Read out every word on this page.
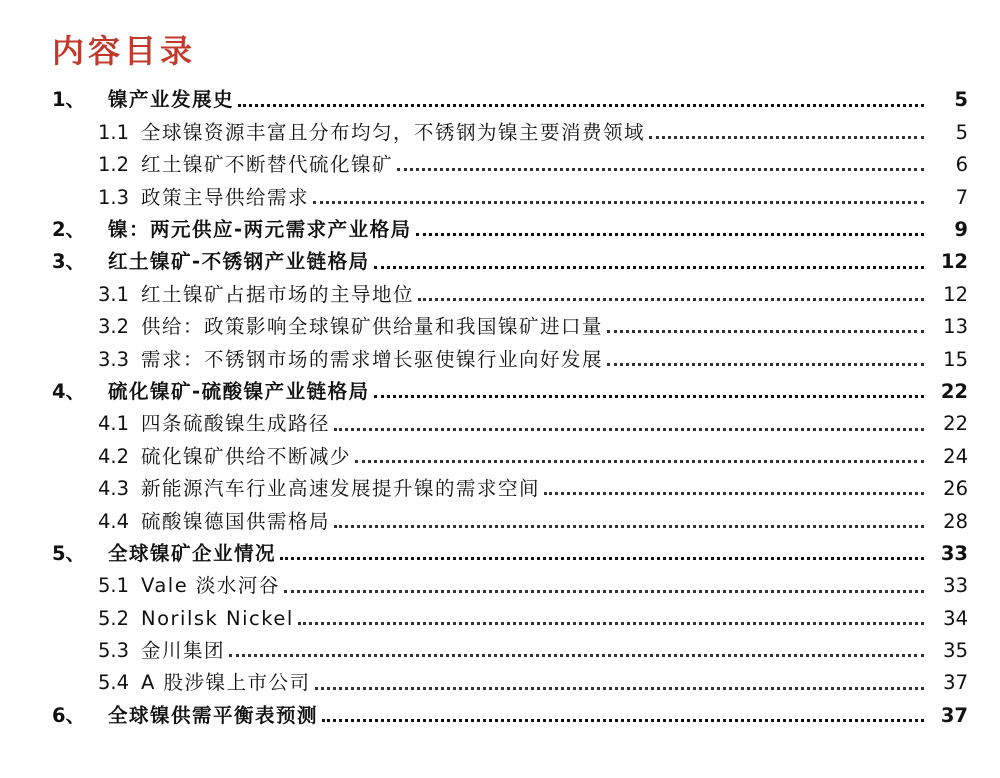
内容目录
1、	镍产业发展史	5
1.1 全球镍资源丰富且分布均匀，不锈钢为镍主要消费领域	5
1.2 红土镍矿不断替代硫化镍矿	6
1.3 政策主导供给需求	7
2、	镍：两元供应-两元需求产业格局	9
3、	红土镍矿-不锈钢产业链格局	12
3.1 红土镍矿占据市场的主导地位	12
3.2 供给：政策影响全球镍矿供给量和我国镍矿进口量	13
3.3 需求：不锈钢市场的需求增长驱使镍行业向好发展	15
4、	硫化镍矿-硫酸镍产业链格局	22
4.1 四条硫酸镍生成路径	22
4.2 硫化镍矿供给不断减少	24
4.3 新能源汽车行业高速发展提升镍的需求空间	26
4.4 硫酸镍德国供需格局	28
5、	全球镍矿企业情况	33
5.1 Vale 淡水河谷	33
5.2 Norilsk Nickel	34
5.3 金川集团	35
5.4 A 股涉镍上市公司	37
6、	全球镍供需平衡表预测	37
